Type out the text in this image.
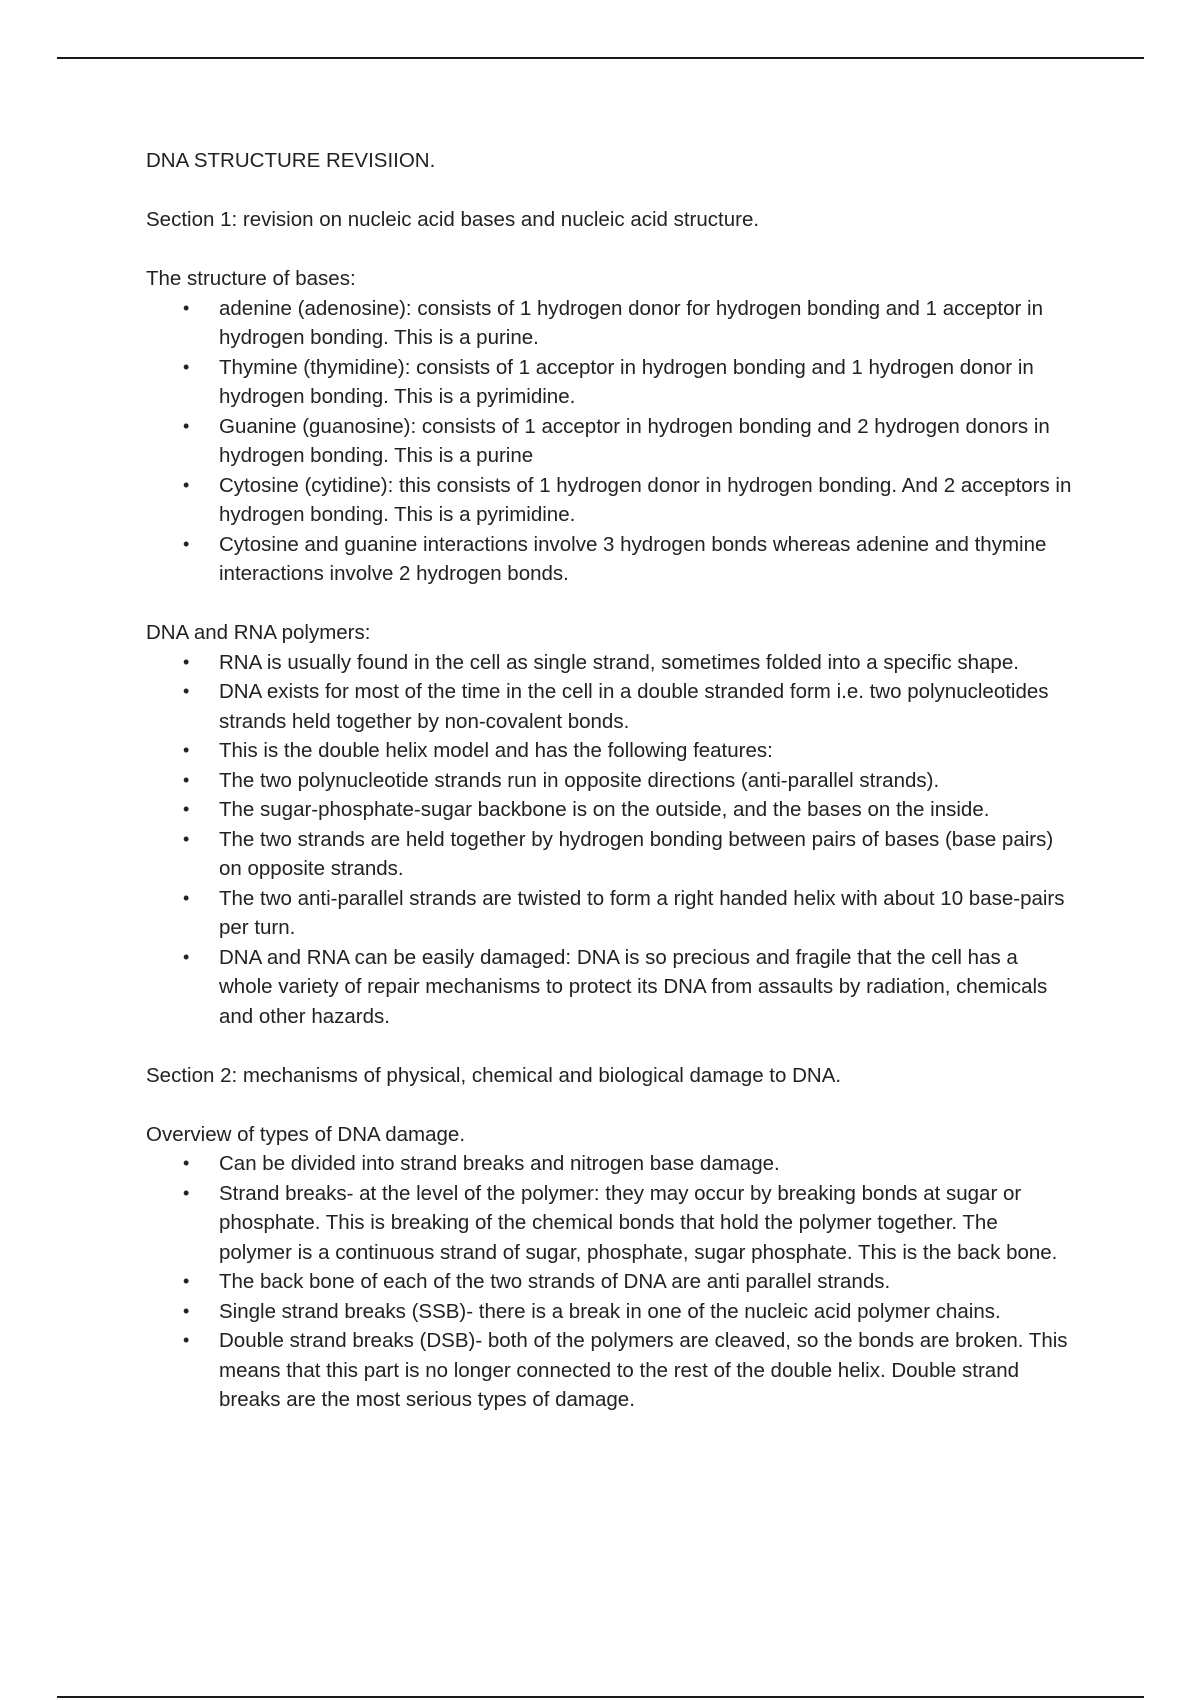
DNA STRUCTURE REVISIION.

Section 1: revision on nucleic acid bases and nucleic acid structure.

The structure of bases:

• adenine (adenosine): consists of 1 hydrogen donor for hydrogen bonding and 1 acceptor in hydrogen bonding. This is a purine.
• Thymine (thymidine): consists of 1 acceptor in hydrogen bonding and 1 hydrogen donor in hydrogen bonding. This is a pyrimidine.
• Guanine (guanosine): consists of 1 acceptor in hydrogen bonding and 2 hydrogen donors in hydrogen bonding. This is a purine
• Cytosine (cytidine): this consists of 1 hydrogen donor in hydrogen bonding. And 2 acceptors in hydrogen bonding. This is a pyrimidine.
• Cytosine and guanine interactions involve 3 hydrogen bonds whereas adenine and thymine interactions involve 2 hydrogen bonds.

DNA and RNA polymers:

• RNA is usually found in the cell as single strand, sometimes folded into a specific shape.
• DNA exists for most of the time in the cell in a double stranded form i.e. two polynucleotides strands held together by non-covalent bonds.
• This is the double helix model and has the following features:
• The two polynucleotide strands run in opposite directions (anti-parallel strands).
• The sugar-phosphate-sugar backbone is on the outside, and the bases on the inside.
• The two strands are held together by hydrogen bonding between pairs of bases (base pairs) on opposite strands.
• The two anti-parallel strands are twisted to form a right handed helix with about 10 base-pairs per turn.
• DNA and RNA can be easily damaged: DNA is so precious and fragile that the cell has a whole variety of repair mechanisms to protect its DNA from assaults by radiation, chemicals and other hazards.

Section 2: mechanisms of physical, chemical and biological damage to DNA.

Overview of types of DNA damage.

• Can be divided into strand breaks and nitrogen base damage.
• Strand breaks- at the level of the polymer: they may occur by breaking bonds at sugar or phosphate. This is breaking of the chemical bonds that hold the polymer together. The polymer is a continuous strand of sugar, phosphate, sugar phosphate. This is the back bone.
• The back bone of each of the two strands of DNA are anti parallel strands.
• Single strand breaks (SSB)- there is a break in one of the nucleic acid polymer chains.
• Double strand breaks (DSB)- both of the polymers are cleaved, so the bonds are broken. This means that this part is no longer connected to the rest of the double helix. Double strand breaks are the most serious types of damage.
